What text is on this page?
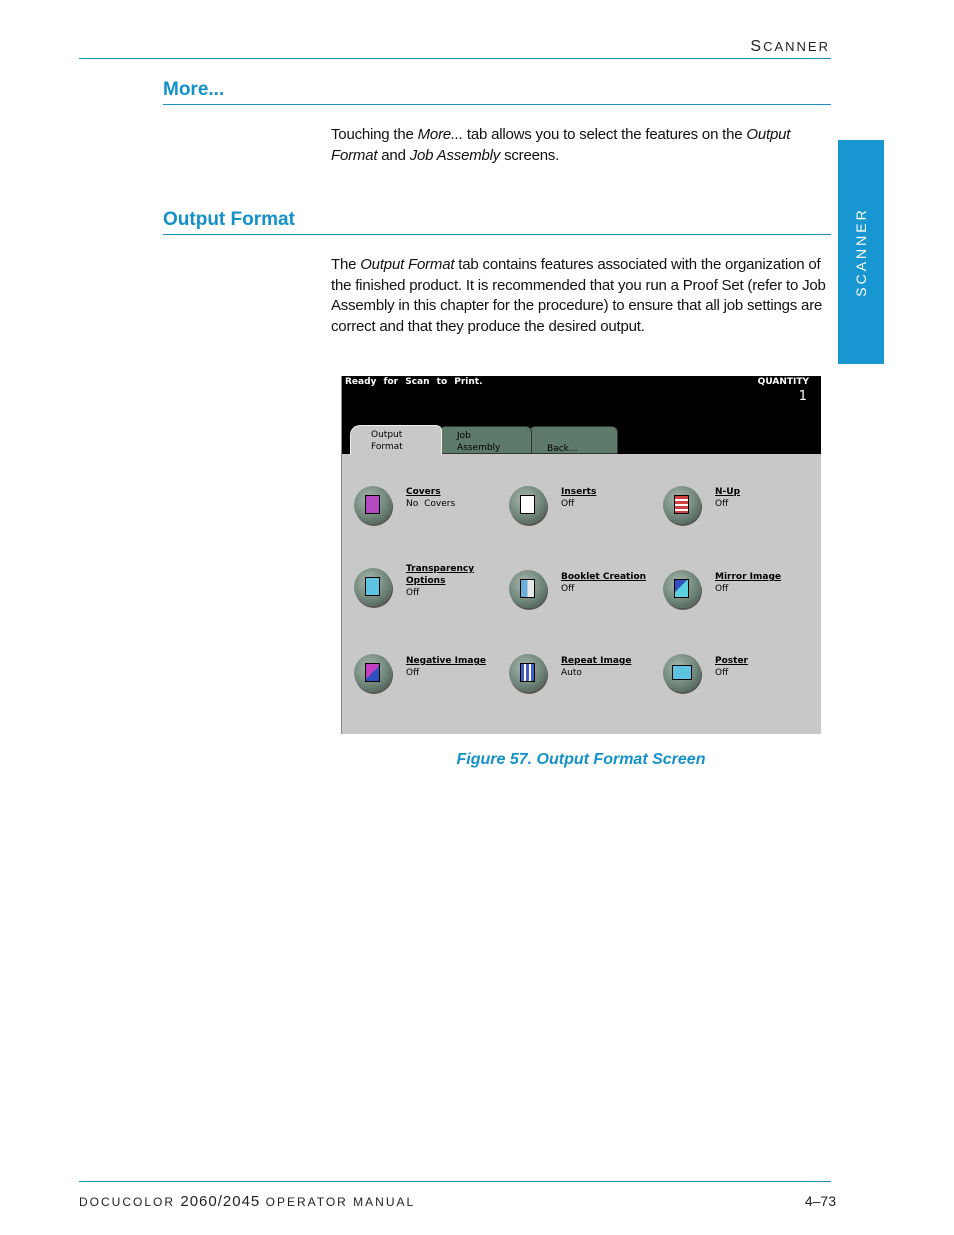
SCANNER
SCANNER
More...
Touching the More... tab allows you to select the features on the Output Format and Job Assembly screens.
Output Format
The Output Format tab contains features associated with the organization of the finished product. It is recommended that you run a Proof Set (refer to Job Assembly in this chapter for the procedure) to ensure that all job settings are correct and that they produce the desired output.
Ready for Scan to Print.	QUANTITY
1
Back...
Job
Assembly
Output
Format
Covers
No Covers
Inserts
Off
N-Up
Off
Transparency
Options
Off
Booklet Creation
Off
Mirror Image
Off
Negative Image
Off
Repeat Image
Auto
Poster
Off
Figure 57. Output Format Screen
DOCUCOLOR 2060/2045 OPERATOR MANUAL	4–73
